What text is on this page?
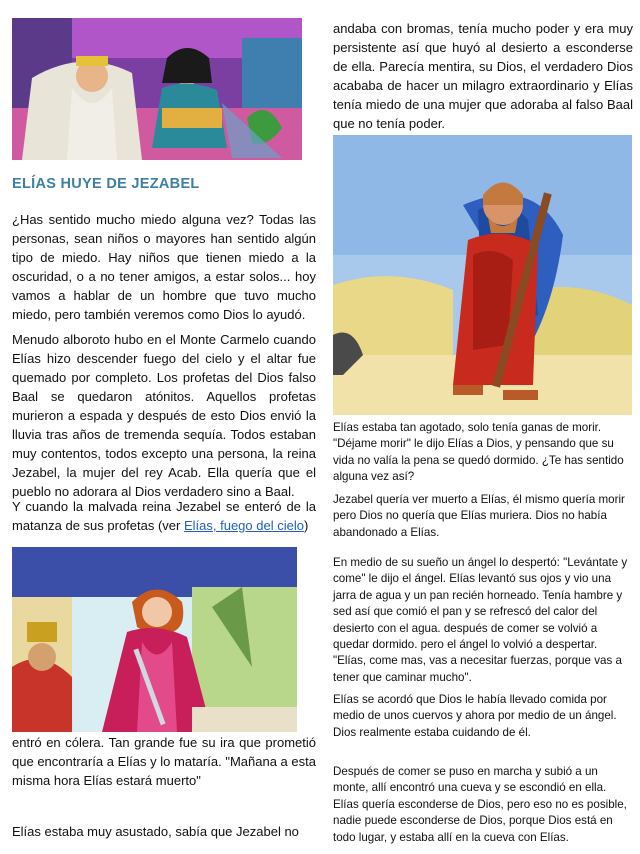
ELÍAS HUYE DE JEZABEL
¿Has sentido mucho miedo alguna vez? Todas las personas, sean niños o mayores han sentido algún tipo de miedo. Hay niños que tienen miedo a la oscuridad, o a no tener amigos, a estar solos... hoy vamos a hablar de un hombre que tuvo mucho miedo, pero también veremos como Dios lo ayudó.
Menudo alboroto hubo en el Monte Carmelo cuando Elías hizo descender fuego del cielo y el altar fue quemado por completo. Los profetas del Dios falso Baal se quedaron atónitos. Aquellos profetas murieron a espada y después de esto Dios envió la lluvia tras años de tremenda sequía. Todos estaban muy contentos, todos excepto una persona, la reina Jezabel, la mujer del rey Acab. Ella quería que el pueblo no adorara al Dios verdadero sino a Baal.
Y cuando la malvada reina Jezabel se enteró de la matanza de sus profetas (ver Elías, fuego del cielo)
entró en cólera. Tan grande fue su ira que prometió que encontraría a Elías y lo mataría. "Mañana a esta misma hora Elías estará muerto"
Elías estaba muy asustado, sabía que Jezabel no
andaba con bromas, tenía mucho poder y era muy persistente así que huyó al desierto a esconderse de ella. Parecía mentira, su Dios, el verdadero Dios acababa de hacer un milagro extraordinario y Elías tenía miedo de una mujer que adoraba al falso Baal que no tenía poder.
Elías estaba tan agotado, solo tenía ganas de morir. "Déjame morir" le dijo Elías a Dios, y pensando que su vida no valía la pena se quedó dormido. ¿Te has sentido alguna vez así?
Jezabel quería ver muerto a Elías, él mismo quería morir pero Dios no quería que Elías muriera. Dios no había abandonado a Elías.
En medio de su sueño un ángel lo despertó: "Levántate y come" le dijo el ángel. Elías levantó sus ojos y vio una jarra de agua y un pan recién horneado. Tenía hambre y sed así que comió el pan y se refrescó del calor del desierto con el agua. después de comer se volvió a quedar dormido. pero el ángel lo volvió a despertar. "Elías, come mas, vas a necesitar fuerzas, porque vas a tener que caminar mucho".
Elías se acordó que Dios le había llevado comida por medio de unos cuervos y ahora por medio de un ángel. Dios realmente estaba cuidando de él.
Después de comer se puso en marcha y subió a un monte, allí encontró una cueva y se escondió en ella. Elías quería esconderse de Dios, pero eso no es posible, nadie puede esconderse de Dios, porque Dios está en todo lugar, y estaba allí en la cueva con Elías.
